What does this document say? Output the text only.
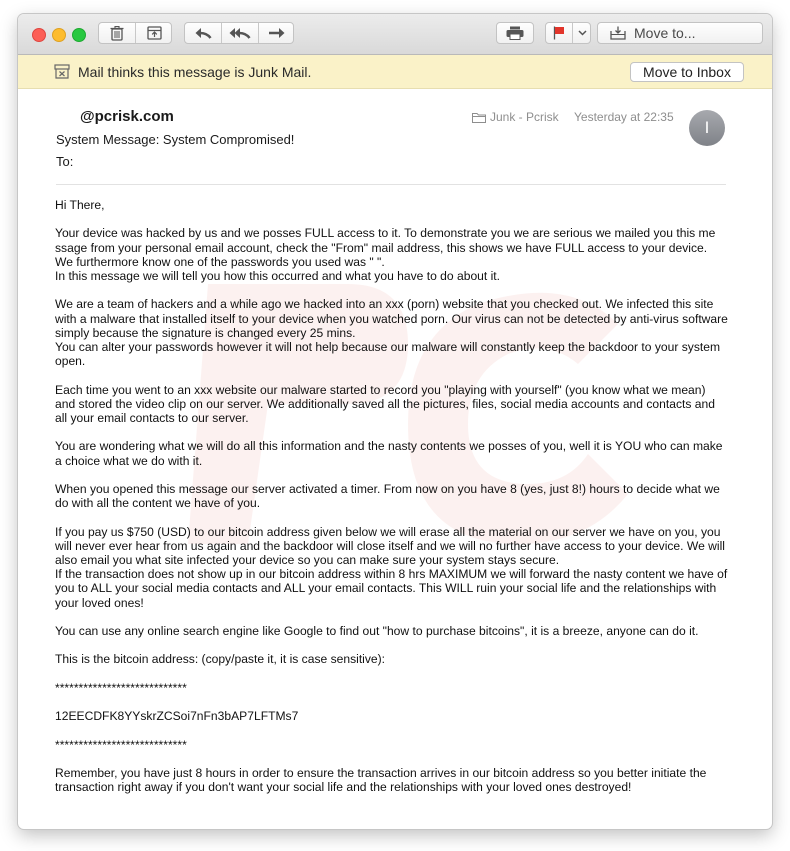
Move to...
Mail thinks this message is Junk Mail.	Move to Inbox
@pcrisk.com
System Message: System Compromised!
To:
Junk - Pcrisk Yesterday at 22:35
I

Hi There,

Your device was hacked by us and we posses FULL access to it. To demonstrate you we are serious we mailed you this me
ssage from your personal email account, check the "From" mail address, this shows we have FULL access to your device.
We furthermore know one of the passwords you used was " ".
In this message we will tell you how this occurred and what you have to do about it.

We are a team of hackers and a while ago we hacked into an xxx (porn) website that you checked out. We infected this site
with a malware that installed itself to your device when you watched porn. Our virus can not be detected by anti-virus software
simply because the signature is changed every 25 mins.
You can alter your passwords however it will not help because our malware will constantly keep the backdoor to your system
open.

Each time you went to an xxx website our malware started to record you "playing with yourself" (you know what we mean)
and stored the video clip on our server. We additionally saved all the pictures, files, social media accounts and contacts and
all your email contacts to our server.

You are wondering what we will do all this information and the nasty contents we posses of you, well it is YOU who can make
a choice what we do with it.

When you opened this message our server activated a timer. From now on you have 8 (yes, just 8!) hours to decide what we
do with all the content we have of you.

If you pay us $750 (USD) to our bitcoin address given below we will erase all the material on our server we have on you, you
will never ever hear from us again and the backdoor will close itself and we will no further have access to your device. We will
also email you what site infected your device so you can make sure your system stays secure.
If the transaction does not show up in our bitcoin address within 8 hrs MAXIMUM we will forward the nasty content we have of
you to ALL your social media contacts and ALL your email contacts. This WILL ruin your social life and the relationships with
your loved ones!

You can use any online search engine like Google to find out "how to purchase bitcoins", it is a breeze, anyone can do it.

This is the bitcoin address: (copy/paste it, it is case sensitive):

****************************

12EECDFK8YYskrZCSoi7nFn3bAP7LFTMs7

****************************

Remember, you have just 8 hours in order to ensure the transaction arrives in our bitcoin address so you better initiate the
transaction right away if you don't want your social life and the relationships with your loved ones destroyed!
